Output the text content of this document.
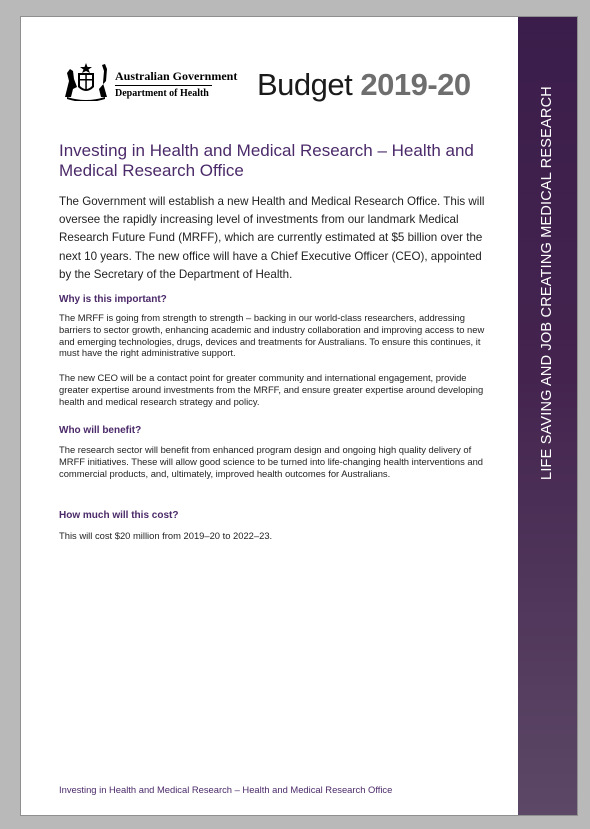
Australian Government
Department of Health Budget 2019-20
LIFE SAVING AND JOB CREATING MEDICAL RESEARCH
Investing in Health and Medical Research – Health and Medical Research Office
The Government will establish a new Health and Medical Research Office. This will oversee the rapidly increasing level of investments from our landmark Medical Research Future Fund (MRFF), which are currently estimated at $5 billion over the next 10 years. The new office will have a Chief Executive Officer (CEO), appointed by the Secretary of the Department of Health.
Why is this important?
The MRFF is going from strength to strength – backing in our world-class researchers, addressing barriers to sector growth, enhancing academic and industry collaboration and improving access to new and emerging technologies, drugs, devices and treatments for Australians. To ensure this continues, it must have the right administrative support.
The new CEO will be a contact point for greater community and international engagement, provide greater expertise around investments from the MRFF, and ensure greater expertise around developing health and medical research strategy and policy.
Who will benefit?
The research sector will benefit from enhanced program design and ongoing high quality delivery of MRFF initiatives. These will allow good science to be turned into life-changing health interventions and commercial products, and, ultimately, improved health outcomes for Australians.
How much will this cost?
This will cost $20 million from 2019–20 to 2022–23.
Investing in Health and Medical Research – Health and Medical Research Office
